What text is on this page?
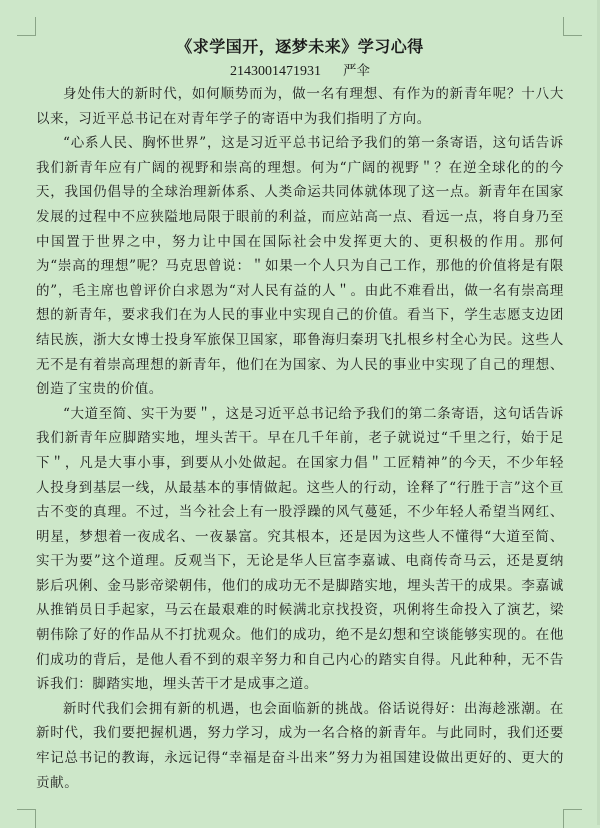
《求学国开，逐梦未来》学习心得
2143001471931 严伞

身处伟大的新时代，如何顺势而为，做一名有理想、有作为的新青年呢？十八大以来，习近平总书记在对青年学子的寄语中为我们指明了方向。

“心系人民、胸怀世界”，这是习近平总书记给予我们的第一条寄语，这句话告诉我们新青年应有广阔的视野和崇高的理想。何为“广阔的视野＂？在逆全球化的的今天，我国仍倡导的全球治理新体系、人类命运共同体就体现了这一点。新青年在国家发展的过程中不应狭隘地局限于眼前的利益，而应站高一点、看远一点，将自身乃至中国置于世界之中，努力让中国在国际社会中发挥更大的、更积极的作用。那何为“崇高的理想”呢？马克思曾说：＂如果一个人只为自己工作，那他的价值将是有限的”，毛主席也曾评价白求恩为“对人民有益的人＂。由此不难看出，做一名有崇高理想的新青年，要求我们在为人民的事业中实现自己的价值。看当下，学生志愿支边团结民族，浙大女博士投身军旅保卫国家，耶鲁海归秦玥飞扎根乡村全心为民。这些人无不是有着崇高理想的新青年，他们在为国家、为人民的事业中实现了自己的理想、创造了宝贵的价值。

“大道至简、实干为要＂，这是习近平总书记给予我们的第二条寄语，这句话告诉我们新青年应脚踏实地，埋头苦干。早在几千年前，老子就说过“千里之行，始于足下＂，凡是大事小事，到要从小处做起。在国家力倡＂工匠精神”的今天，不少年轻人投身到基层一线，从最基本的事情做起。这些人的行动，诠释了“行胜于言”这个亘古不变的真理。不过，当今社会上有一股浮躁的风气蔓延，不少年轻人希望当网红、明星，梦想着一夜成名、一夜暴富。究其根本，还是因为这些人不懂得“大道至简、实干为要”这个道理。反观当下，无论是华人巨富李嘉诚、电商传奇马云，还是夏纳影后巩俐、金马影帝梁朝伟，他们的成功无不是脚踏实地，埋头苦干的成果。李嘉诚从推销员日手起家，马云在最艰难的时候满北京找投资，巩俐将生命投入了演艺，梁朝伟除了好的作品从不打扰观众。他们的成功，绝不是幻想和空谈能够实现的。在他们成功的背后，是他人看不到的艰辛努力和自己内心的踏实自得。凡此种种，无不告诉我们：脚踏实地，埋头苦干才是成事之道。

新时代我们会拥有新的机遇，也会面临新的挑战。俗话说得好：出海趁涨潮。在新时代，我们要把握机遇，努力学习，成为一名合格的新青年。与此同时，我们还要牢记总书记的教诲，永远记得“幸福是奋斗出来”努力为祖国建设做出更好的、更大的贡献。
